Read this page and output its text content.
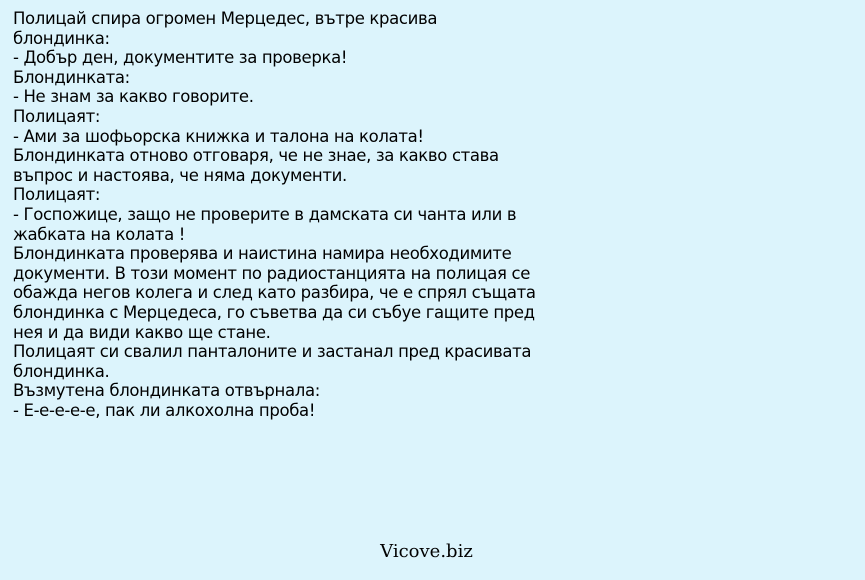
Полицай спира огромен Мерцедес, вътре красива
блондинка:
- Добър ден, документите за проверка!
Блондинката:
- Не знам за какво говорите.
Полицаят:
- Ами за шофьорска книжка и талона на колата!
Блондинката отново отговаря, че не знае, за какво става
въпрос и настоява, че няма документи.
Полицаят:
- Госпожице, защо не проверите в дамската си чанта или в
жабката на колата !
Блондинката проверява и наистина намира необходимите
документи. В този момент по радиостанцията на полицая се
обажда негов колега и след като разбира, че е спрял същата
блондинка с Мерцедеса, го съветва да си събуе гащите пред
нея и да види какво ще стане.
Полицаят си свалил панталоните и застанал пред красивата
блондинка.
Възмутена блондинката отвърнала:
- Е-е-е-е-е, пак ли алкохолна проба!
Vicove.biz
